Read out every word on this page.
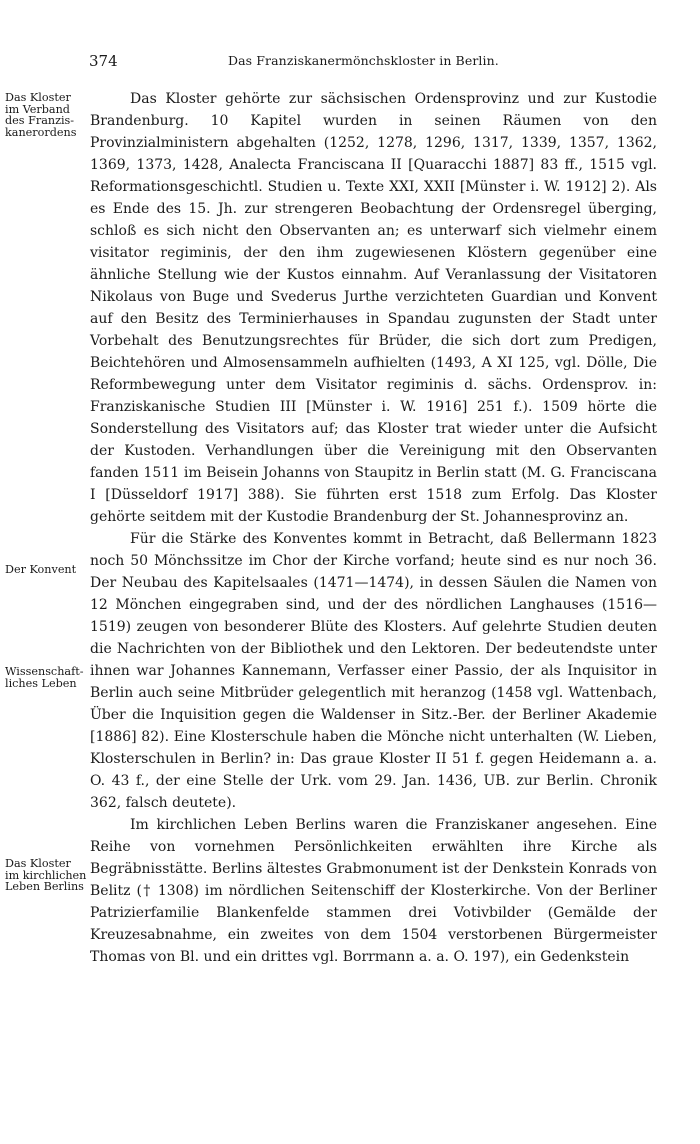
374	Das Franziskanermönchskloster in Berlin.
Das Kloster
im Verband
des Franzis-
kanerordens
Der Konvent
Wissenschaft-
liches Leben
Das Kloster
im kirchlichen
Leben Berlins

Das Kloster gehörte zur sächsischen Ordensprovinz und zur Kustodie Brandenburg. 10 Kapitel wurden in seinen Räumen von den Provinzialministern abgehalten (1252, 1278, 1296, 1317, 1339, 1357, 1362, 1369, 1373, 1428, Analecta Franciscana II [Quaracchi 1887] 83 ff., 1515 vgl. Reformationsgeschichtl. Studien u. Texte XXI, XXII [Münster i. W. 1912] 2). Als es Ende des 15. Jh. zur strengeren Beobachtung der Ordensregel überging, schloß es sich nicht den Observanten an; es unterwarf sich vielmehr einem visitator regiminis, der den ihm zugewiesenen Klöstern gegenüber eine ähnliche Stellung wie der Kustos einnahm. Auf Veranlassung der Visitatoren Nikolaus von Buge und Svederus Jurthe verzichteten Guardian und Konvent auf den Besitz des Terminierhauses in Spandau zugunsten der Stadt unter Vorbehalt des Benutzungsrechtes für Brüder, die sich dort zum Predigen, Beichtehören und Almosensammeln aufhielten (1493, A XI 125, vgl. Dölle, Die Reformbewegung unter dem Visitator regiminis d. sächs. Ordensprov. in: Franziskanische Studien III [Münster i. W. 1916] 251 f.). 1509 hörte die Sonderstellung des Visitators auf; das Kloster trat wieder unter die Aufsicht der Kustoden. Verhandlungen über die Vereinigung mit den Observanten fanden 1511 im Beisein Johanns von Staupitz in Berlin statt (M. G. Franciscana I [Düsseldorf 1917] 388). Sie führten erst 1518 zum Erfolg. Das Kloster gehörte seitdem mit der Kustodie Brandenburg der St. Johannesprovinz an.

Für die Stärke des Konventes kommt in Betracht, daß Bellermann 1823 noch 50 Mönchssitze im Chor der Kirche vorfand; heute sind es nur noch 36. Der Neubau des Kapitelsaales (1471—1474), in dessen Säulen die Namen von 12 Mönchen eingegraben sind, und der des nördlichen Langhauses (1516—1519) zeugen von besonderer Blüte des Klosters. Auf gelehrte Studien deuten die Nachrichten von der Bibliothek und den Lektoren. Der bedeutendste unter ihnen war Johannes Kannemann, Verfasser einer Passio, der als Inquisitor in Berlin auch seine Mitbrüder gelegentlich mit heranzog (1458 vgl. Wattenbach, Über die Inquisition gegen die Waldenser in Sitz.-Ber. der Berliner Akademie [1886] 82). Eine Klosterschule haben die Mönche nicht unterhalten (W. Lieben, Klosterschulen in Berlin? in: Das graue Kloster II 51 f. gegen Heidemann a. a. O. 43 f., der eine Stelle der Urk. vom 29. Jan. 1436, UB. zur Berlin. Chronik 362, falsch deutete).

Im kirchlichen Leben Berlins waren die Franziskaner angesehen. Eine Reihe von vornehmen Persönlichkeiten erwählten ihre Kirche als Begräbnisstätte. Berlins ältestes Grabmonument ist der Denkstein Konrads von Belitz († 1308) im nördlichen Seitenschiff der Klosterkirche. Von der Berliner Patrizierfamilie Blankenfelde stammen drei Votivbilder (Gemälde der Kreuzesabnahme, ein zweites von dem 1504 verstorbenen Bürgermeister Thomas von Bl. und ein drittes vgl. Borrmann a. a. O. 197), ein Gedenkstein
